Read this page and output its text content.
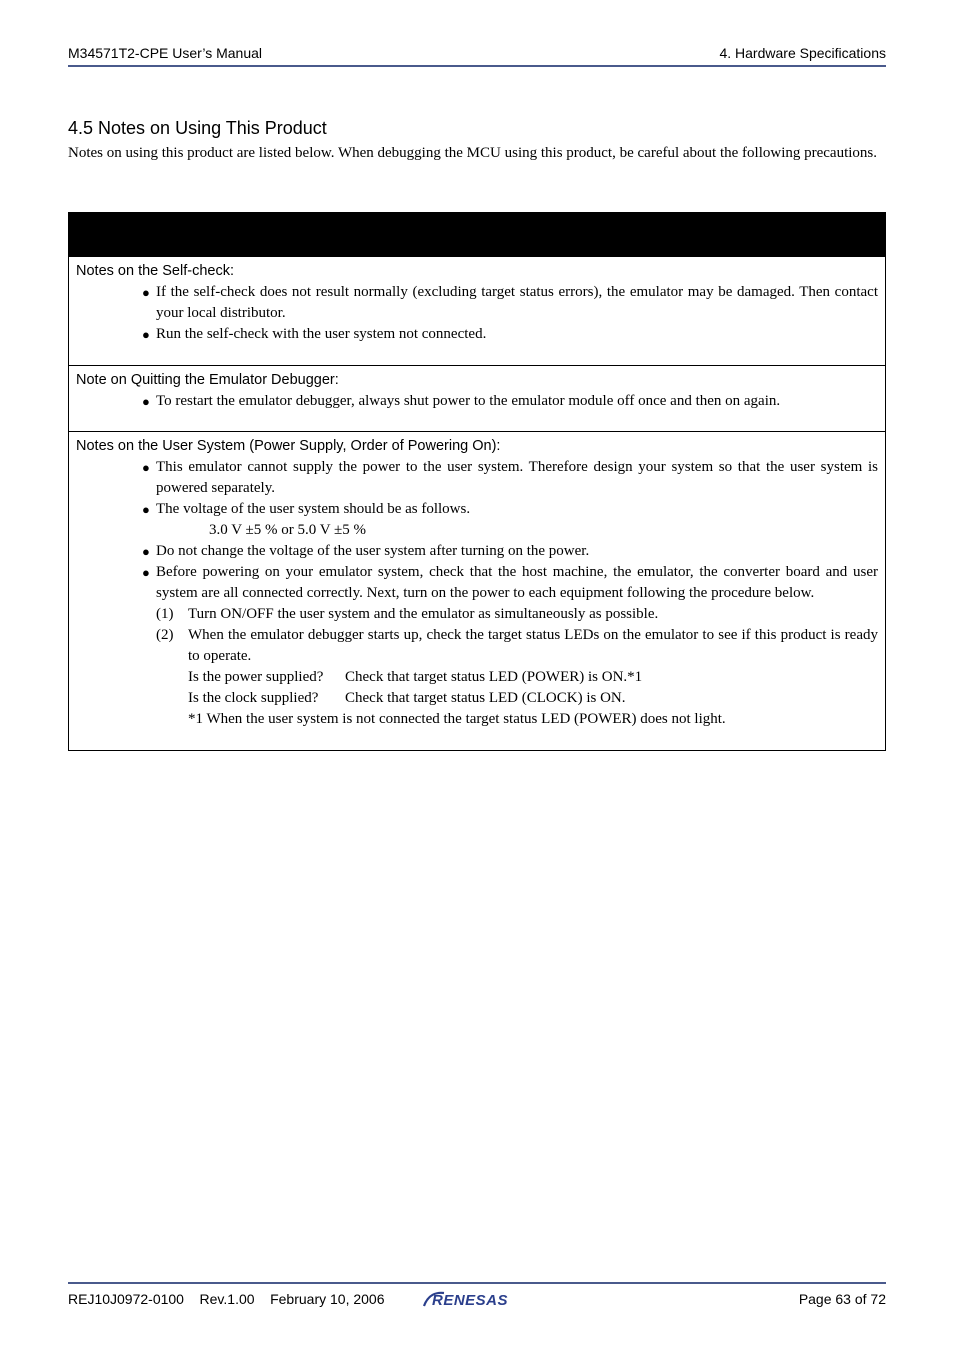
M34571T2-CPE User’s Manual	4. Hardware Specifications
4.5 Notes on Using This Product
Notes on using this product are listed below. When debugging the MCU using this product, be careful about the following precautions.
Notes on the Self-check:
● If the self-check does not result normally (excluding target status errors), the emulator may be damaged. Then contact your local distributor.
● Run the self-check with the user system not connected.
Note on Quitting the Emulator Debugger:
● To restart the emulator debugger, always shut power to the emulator module off once and then on again.
Notes on the User System (Power Supply, Order of Powering On):
● This emulator cannot supply the power to the user system. Therefore design your system so that the user system is powered separately.
● The voltage of the user system should be as follows.
3.0 V ±5 % or 5.0 V ±5 %
● Do not change the voltage of the user system after turning on the power.
● Before powering on your emulator system, check that the host machine, the emulator, the converter board and user system are all connected correctly. Next, turn on the power to each equipment following the procedure below.
(1) Turn ON/OFF the user system and the emulator as simultaneously as possible.
(2) When the emulator debugger starts up, check the target status LEDs on the emulator to see if this product is ready to operate.
Is the power supplied? Check that target status LED (POWER) is ON.*1
Is the clock supplied? Check that target status LED (CLOCK) is ON.
*1 When the user system is not connected the target status LED (POWER) does not light.
REJ10J0972-0100    Rev.1.00    February 10, 2006	RENESAS	Page 63 of 72
